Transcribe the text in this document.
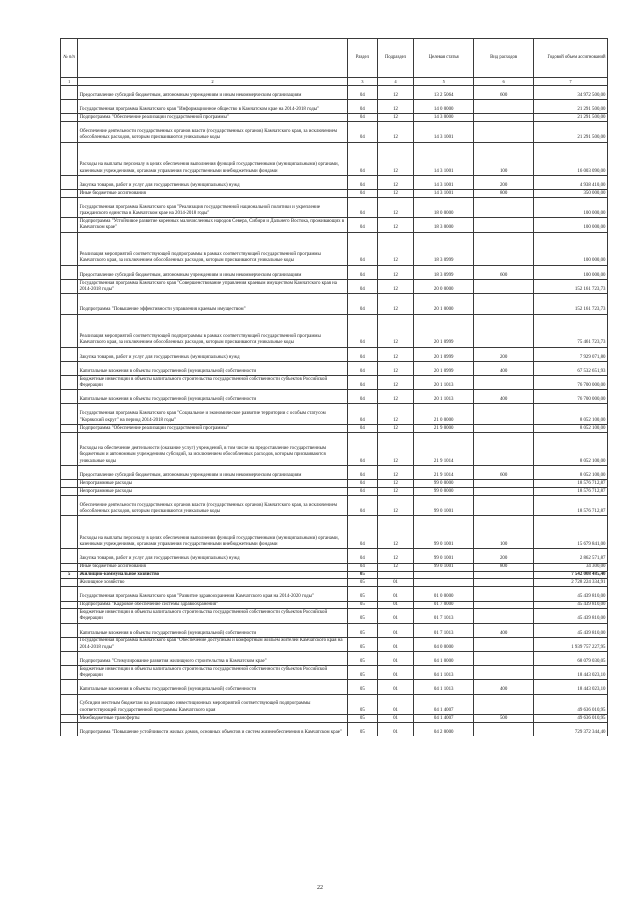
№ п/п		Раздел	Подраздел	Целевая статья	Вид расходов	Годовой объем ассигнований
1	2	3	4	5	6	7
	Предоставление субсидий бюджетным, автономным учреждениям и иным некоммерческим организациям	04	12	13 2 5064	600	34 972 500,00
	Государственная программа Камчатского края "Информационное общество в Камчатском крае на 2014-2018 годы"	04	12	14 0 0000		21 291 500,00
	Подпрограмма "Обеспечение реализации государственной программы"	04	12	14 3 0000		21 291 500,00
	Обеспечение деятельности государственных органов власти (государственных органов) Камчатского края, за исключением обособленных расходов, которым присваиваются уникальные коды	04	12	14 3 1001		21 291 500,00
	Расходы на выплаты персоналу в целях обеспечения выполнения функций государственными (муниципальными) органами, казенными учреждениями, органами управления государственными внебюджетными фондами	04	12	14 3 1001	100	16 003 090,00
	Закупка товаров, работ и услуг для государственных (муниципальных) нужд	04	12	14 3 1001	200	4 938 410,00
	Иные бюджетные ассигнования	04	12	14 3 1001	800	350 000,00
	Государственная программа Камчатского края "Реализация государственной национальной политики и укрепление гражданского единства в Камчатском крае на 2014-2018 годы"	04	12	18 0 0000		100 000,00
	Подпрограмма "Устойчивое развитие коренных малочисленных народов Севера, Сибири и Дальнего Востока, проживающих в Камчатском крае"	04	12	18 3 0000		100 000,00
	Реализация мероприятий соответствующей подпрограммы в рамках соответствующей государственной программы Камчатского края, за исключением обособленных расходов, которым присваиваются уникальные коды	04	12	18 3 0999		100 000,00
	Предоставление субсидий бюджетным, автономным учреждениям и иным некоммерческим организациям	04	12	18 3 0999	600	100 000,00
	Государственная программа Камчатского края "Совершенствование управления краевым имуществом Камчатского края на 2014-2018 годы"	04	12	20 0 0000		152 161 723,73
	Подпрограмма "Повышение эффективности управления краевым имуществом"	04	12	20 1 0000		152 161 723,73
	Реализация мероприятий соответствующей подпрограммы в рамках соответствующей государственной программы Камчатского края, за исключением обособленных расходов, которым присваиваются уникальные коды	04	12	20 1 0999		75 461 723,73
	Закупка товаров, работ и услуг для государственных (муниципальных) нужд	04	12	20 1 0999	200	7 929 071,80
	Капитальные вложения в объекты государственной (муниципальной) собственности	04	12	20 1 0999	400	67 532 651,93
	Бюджетные инвестиции в объекты капитального строительства государственной собственности субъектов Российской Федерации	04	12	20 1 1013		76 700 000,00
	Капитальные вложения в объекты государственной (муниципальной) собственности	04	12	20 1 1013	400	76 700 000,00
	Государственная программа Камчатского края "Социальное и экономическое развитие территории с особым статусом "Корякский округ" на период 2014-2018 годы"	04	12	21 0 0000		8 052 100,00
	Подпрограмма "Обеспечение реализации государственной программы"	04	12	21 9 0000		8 052 100,00
	Расходы на обеспечение деятельности (оказание услуг) учреждений, в том числе на предоставление государственным бюджетным и автономным учреждениям субсидий, за исключением обособленных расходов, которым присваиваются уникальные коды	04	12	21 9 1014		8 052 100,00
	Предоставление субсидий бюджетным, автономным учреждениям и иным некоммерческим организациям	04	12	21 9 1014	600	8 052 100,00
	Непрограммные расходы	04	12	99 0 0000		18 576 712,87
	Непрограммные расходы	04	12	99 0 0000		18 576 712,87
	Обеспечение деятельности государственных органов власти (государственных органов) Камчатского края, за исключением обособленных расходов, которым присваиваются уникальные коды	04	12	99 0 1001		18 576 712,87
	Расходы на выплаты персоналу в целях обеспечения выполнения функций государственными (муниципальными) органами, казенными учреждениями, органами управления государственными внебюджетными фондами	04	12	99 0 1001	100	15 679 841,00
	Закупка товаров, работ и услуг для государственных (муниципальных) нужд	04	12	99 0 1001	200	2 862 571,87
	Иные бюджетные ассигнования	04	12	99 0 1001	800	34 300,00
5	Жилищно-коммунальное хозяйство	05				7 542 008 485,40
	Жилищное хозяйство	05	01			2 728 224 334,91
	Государственная программа Камчатского края "Развитие здравоохранения Камчатского края на 2014-2020 годы"	05	01	01 0 0000		45 439 810,00
	Подпрограмма "Кадровое обеспечение системы здравоохранения"	05	01	01 7 0000		45 439 810,00
	Бюджетные инвестиции в объекты капитального строительства государственной собственности субъектов Российской Федерации	05	01	01 7 1013		45 439 810,00
	Капитальные вложения в объекты государственной (муниципальной) собственности	05	01	01 7 1013	400	45 439 810,00
	Государственная программа Камчатского края "Обеспечение доступным и комфортным жильем жителей Камчатского края на 2014-2018 годы"	05	01	04 0 0000		1 939 757 227,95
	Подпрограмма "Стимулирование развития жилищного строительства в Камчатском крае"	05	01	04 1 0000		68 079 030,05
	Бюджетные инвестиции в объекты капитального строительства государственной собственности субъектов Российской Федерации	05	01	04 1 1013		18 443 023,10
	Капитальные вложения в объекты государственной (муниципальной) собственности	05	01	04 1 1013	400	18 443 023,10
	Субсидии местным бюджетам на реализацию инвестиционных мероприятий соответствующей подпрограммы соответствующей государственной программы Камчатского края	05	01	04 1 4007		49 636 010,95
	Межбюджетные трансферты	05	01	04 1 4007	500	49 636 010,95
	Подпрограмма "Повышение устойчивости жилых домов, основных объектов и систем жизнеобеспечения в Камчатском крае"	05	01	04 2 0000		729 372 344,40
22
